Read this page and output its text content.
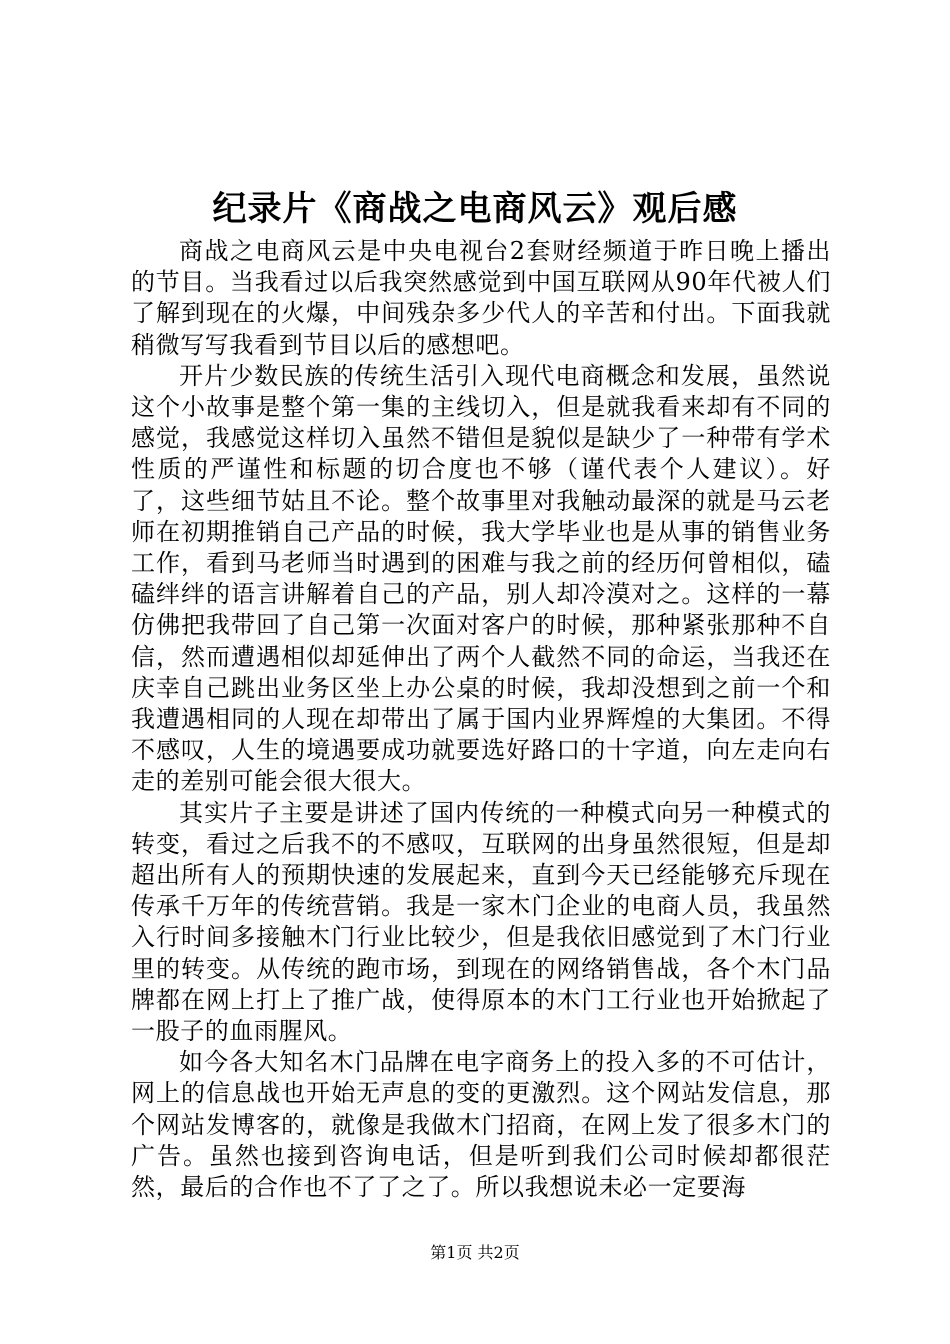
纪录片《商战之电商风云》观后感

商战之电商风云是中央电视台2套财经频道于昨日晚上播出的节目。当我看过以后我突然感觉到中国互联网从90年代被人们了解到现在的火爆，中间残杂多少代人的辛苦和付出。下面我就稍微写写我看到节目以后的感想吧。

开片少数民族的传统生活引入现代电商概念和发展，虽然说这个小故事是整个第一集的主线切入，但是就我看来却有不同的感觉，我感觉这样切入虽然不错但是貌似是缺少了一种带有学术性质的严谨性和标题的切合度也不够（谨代表个人建议）。好了，这些细节姑且不论。整个故事里对我触动最深的就是马云老师在初期推销自己产品的时候，我大学毕业也是从事的销售业务工作，看到马老师当时遇到的困难与我之前的经历何曾相似，磕磕绊绊的语言讲解着自己的产品，别人却冷漠对之。这样的一幕仿佛把我带回了自己第一次面对客户的时候，那种紧张那种不自信，然而遭遇相似却延伸出了两个人截然不同的命运，当我还在庆幸自己跳出业务区坐上办公桌的时候，我却没想到之前一个和我遭遇相同的人现在却带出了属于国内业界辉煌的大集团。不得不感叹，人生的境遇要成功就要选好路口的十字道，向左走向右走的差别可能会很大很大。

其实片子主要是讲述了国内传统的一种模式向另一种模式的转变，看过之后我不的不感叹，互联网的出身虽然很短，但是却超出所有人的预期快速的发展起来，直到今天已经能够充斥现在传承千万年的传统营销。我是一家木门企业的电商人员，我虽然入行时间多接触木门行业比较少，但是我依旧感觉到了木门行业里的转变。从传统的跑市场，到现在的网络销售战，各个木门品牌都在网上打上了推广战，使得原本的木门工行业也开始掀起了一股子的血雨腥风。

如今各大知名木门品牌在电字商务上的投入多的不可估计，网上的信息战也开始无声息的变的更激烈。这个网站发信息，那个网站发博客的，就像是我做木门招商，在网上发了很多木门的广告。虽然也接到咨询电话，但是听到我们公司时候却都很茫然，最后的合作也不了了之了。所以我想说未必一定要海

第1页 共2页
